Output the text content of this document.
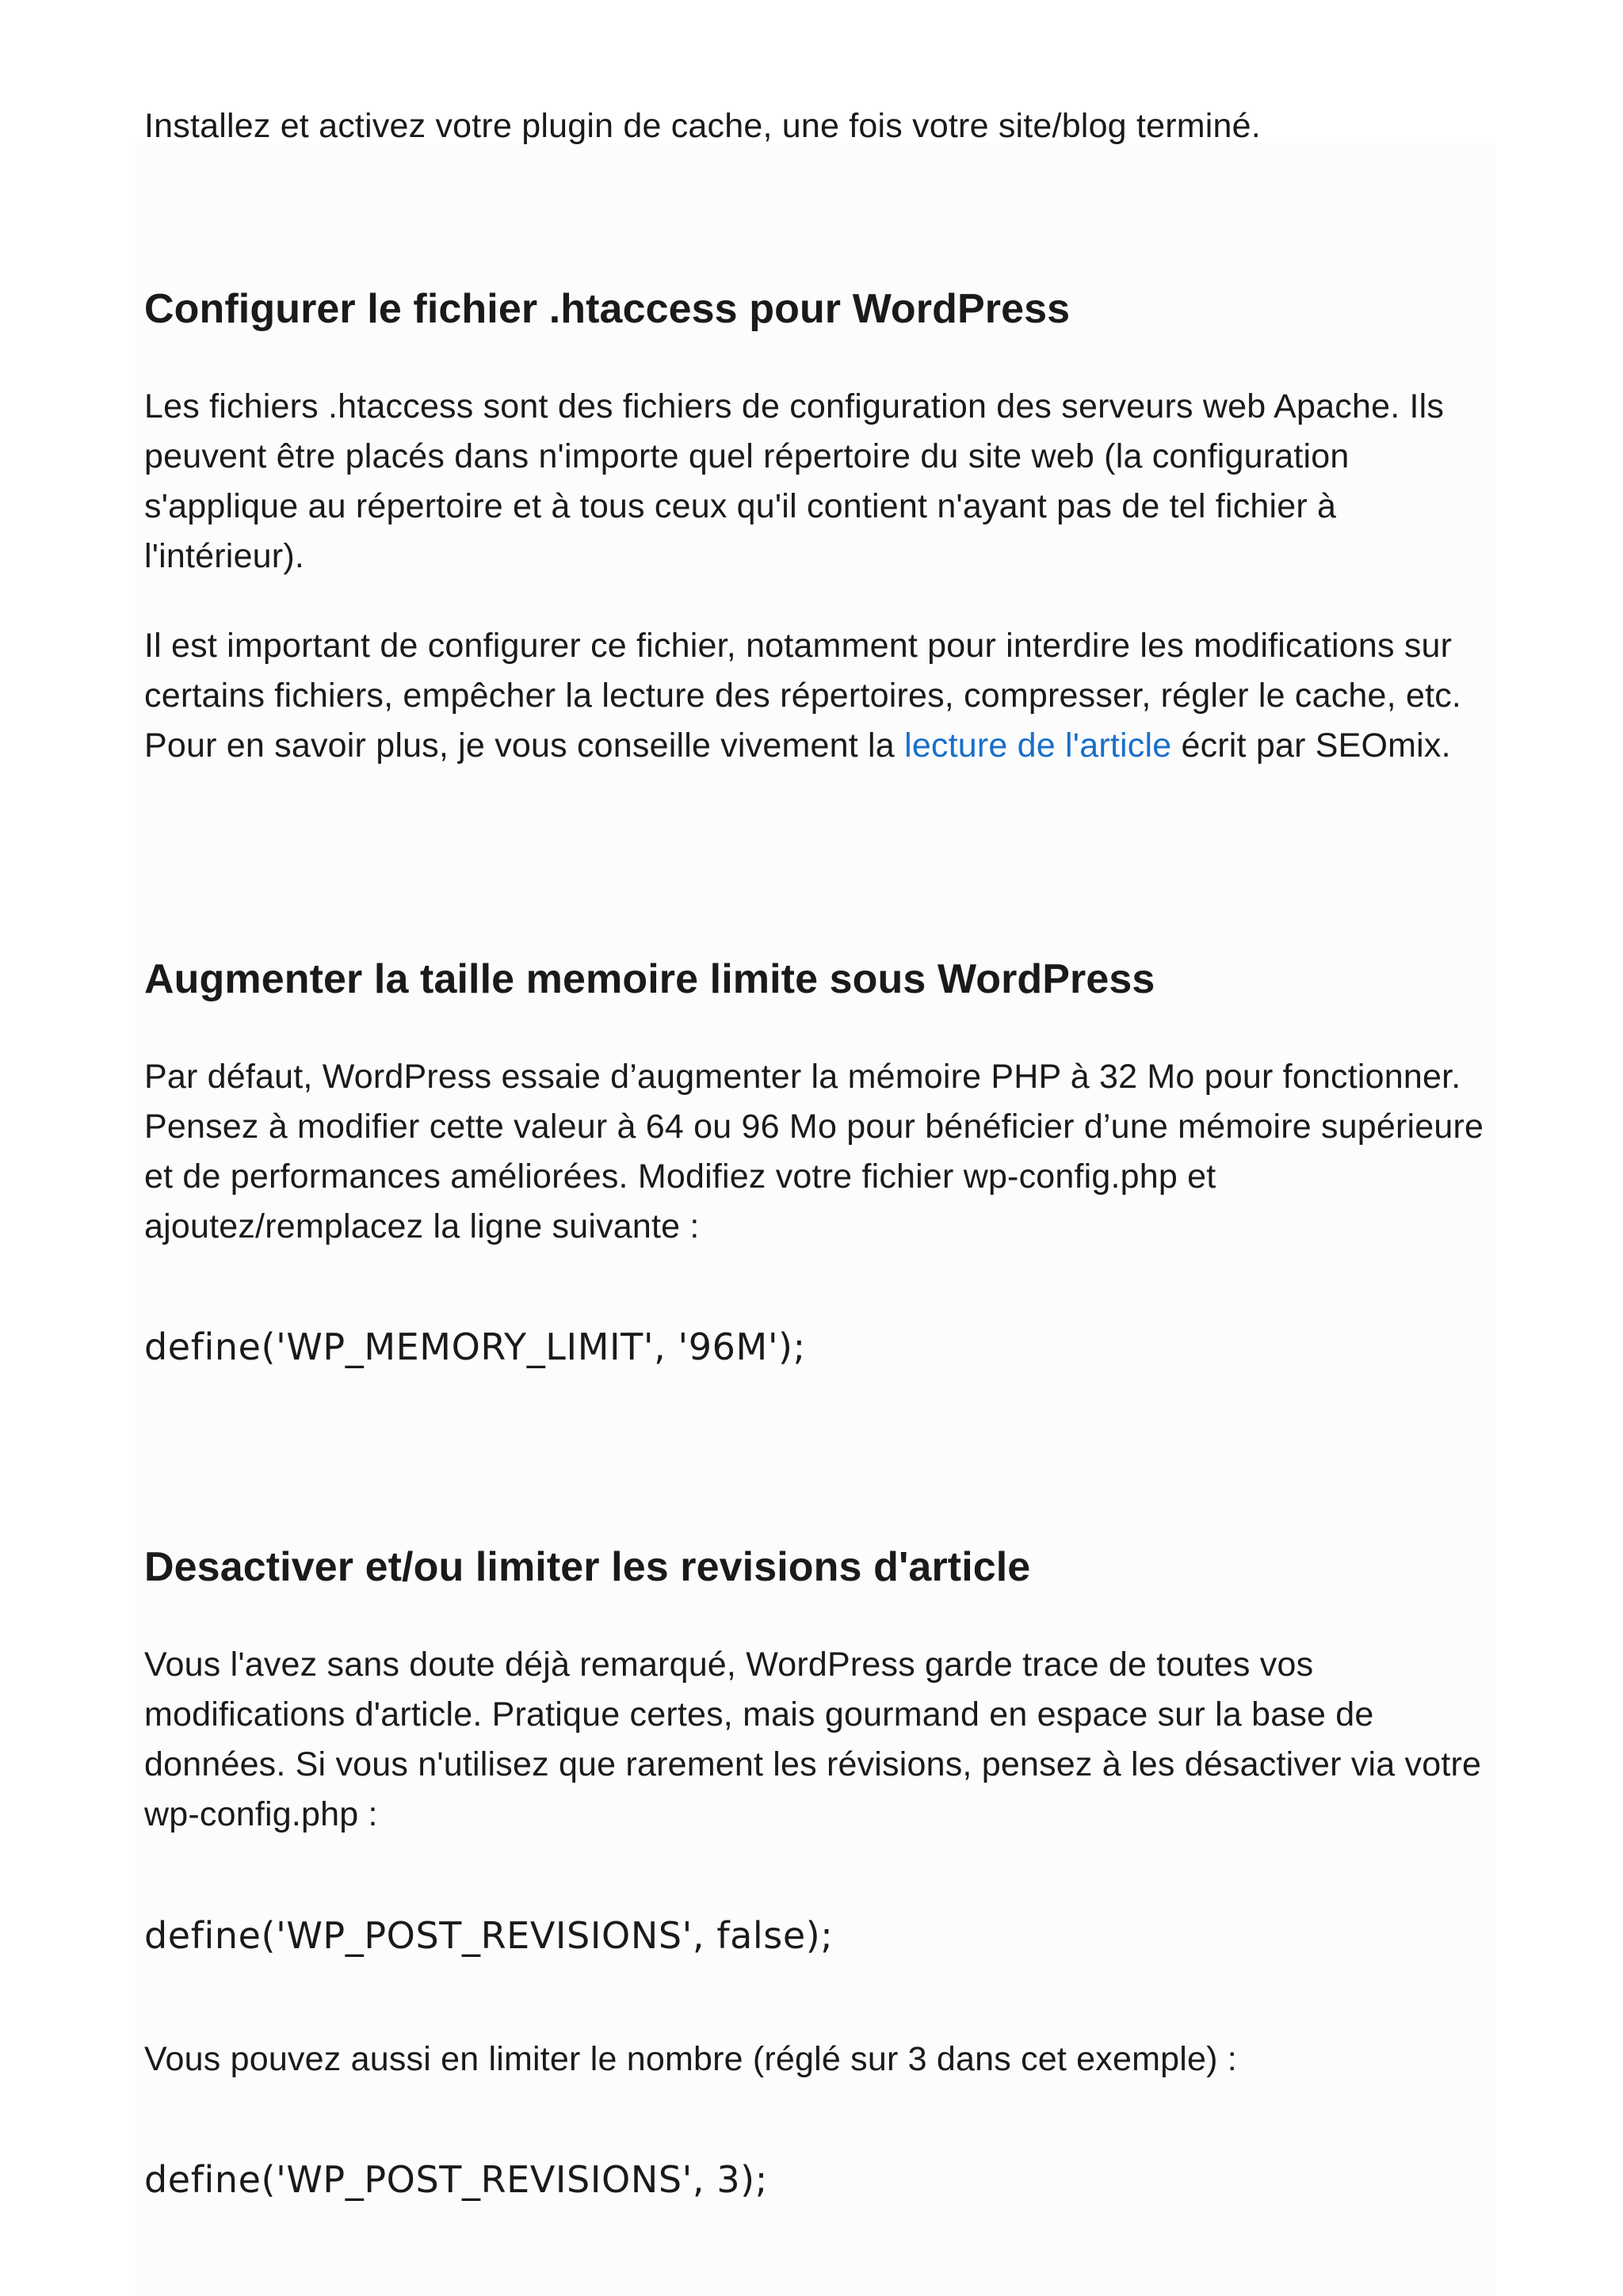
Installez et activez votre plugin de cache, une fois votre site/blog terminé.

Configurer le fichier .htaccess pour WordPress

Les fichiers .htaccess sont des fichiers de configuration des serveurs web Apache. Ils peuvent être placés dans n'importe quel répertoire du site web (la configuration s'applique au répertoire et à tous ceux qu'il contient n'ayant pas de tel fichier à l'intérieur).

Il est important de configurer ce fichier, notamment pour interdire les modifications sur certains fichiers, empêcher la lecture des répertoires, compresser, régler le cache, etc. Pour en savoir plus, je vous conseille vivement la lecture de l'article écrit par SEOmix.

Augmenter la taille memoire limite sous WordPress

Par défaut, WordPress essaie d’augmenter la mémoire PHP à 32 Mo pour fonctionner. Pensez à modifier cette valeur à 64 ou 96 Mo pour bénéficier d’une mémoire supérieure et de performances améliorées. Modifiez votre fichier wp-config.php et ajoutez/remplacez la ligne suivante :

define('WP_MEMORY_LIMIT', '96M');

Desactiver et/ou limiter les revisions d'article

Vous l'avez sans doute déjà remarqué, WordPress garde trace de toutes vos modifications d'article. Pratique certes, mais gourmand en espace sur la base de données. Si vous n'utilisez que rarement les révisions, pensez à les désactiver via votre wp-config.php :

define('WP_POST_REVISIONS', false);

Vous pouvez aussi en limiter le nombre (réglé sur 3 dans cet exemple) :

define('WP_POST_REVISIONS', 3);
